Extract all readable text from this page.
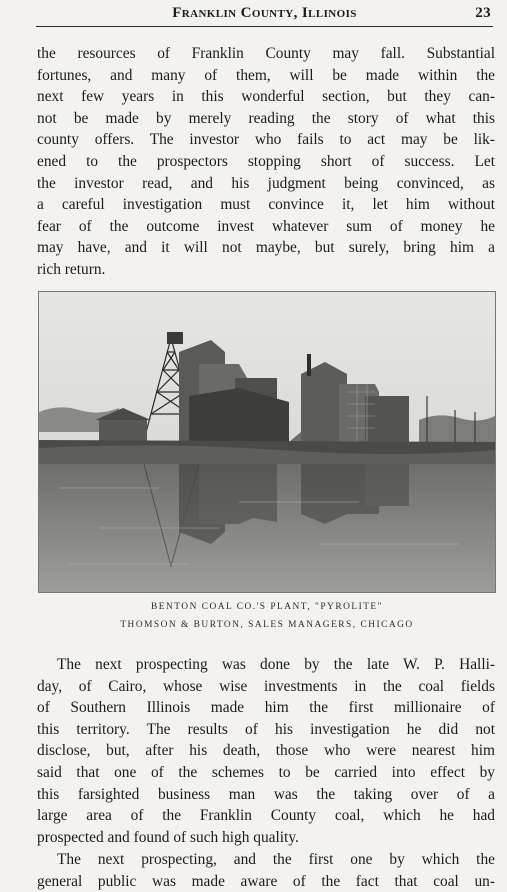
Franklin County, Illinois	23

the resources of Franklin County may fall. Substantial
fortunes, and many of them, will be made within the
next few years in this wonderful section, but they can-
not be made by merely reading the story of what this
county offers. The investor who fails to act may be lik-
ened to the prospectors stopping short of success. Let
the investor read, and his judgment being convinced, as
a careful investigation must convince it, let him without
fear of the outcome invest whatever sum of money he
may have, and it will not maybe, but surely, bring him a
rich return.

BENTON COAL CO.'S PLANT, "PYROLITE"
THOMSON & BURTON, SALES MANAGERS, CHICAGO

The next prospecting was done by the late W. P. Halli-
day, of Cairo, whose wise investments in the coal fields
of Southern Illinois made him the first millionaire of
this territory. The results of his investigation he did not
disclose, but, after his death, those who were nearest him
said that one of the schemes to be carried into effect by
this farsighted business man was the taking over of a
large area of the Franklin County coal, which he had
prospected and found of such high quality.

The next prospecting, and the first one by which the
general public was made aware of the fact that coal un-
